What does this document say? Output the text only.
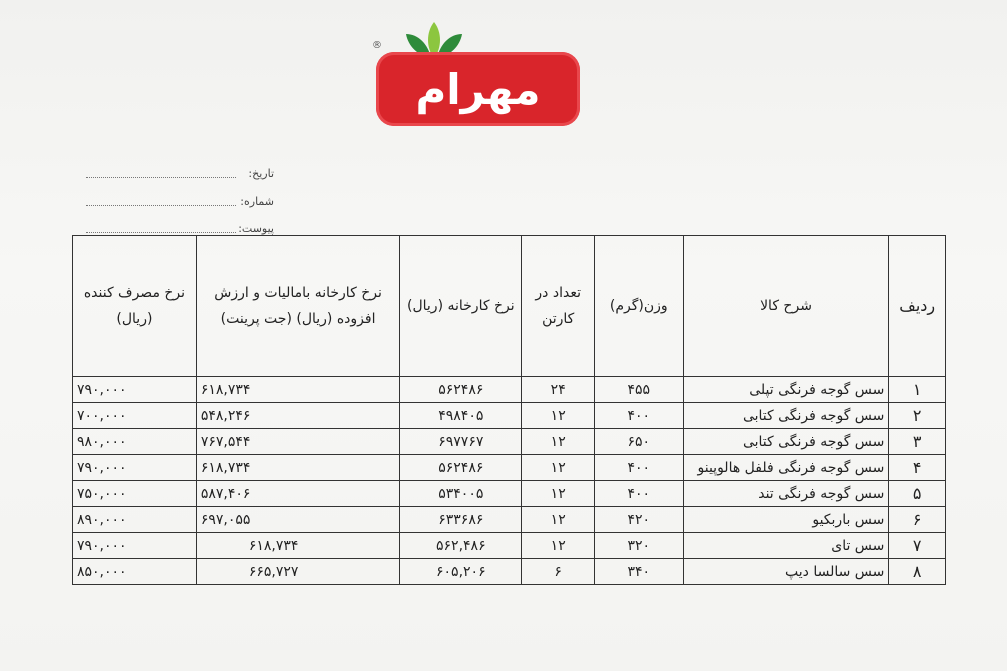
®
مهرام
تاریخ:
شماره:
پیوست:
ردیف	شرح کالا	وزن(گرم)	تعداد در کارتن	نرخ کارخانه (ریال)	نرخ کارخانه بامالیات و ارزش افزوده (ریال) (جت پرینت)	نرخ مصرف کننده (ریال)
۱	سس گوجه فرنگی تپلی	۴۵۵	۲۴	۵۶۲۴۸۶	۶۱۸,۷۳۴	۷۹۰,۰۰۰
۲	سس گوجه فرنگی کتابی	۴۰۰	۱۲	۴۹۸۴۰۵	۵۴۸,۲۴۶	۷۰۰,۰۰۰
۳	سس گوجه فرنگی کتابی	۶۵۰	۱۲	۶۹۷۷۶۷	۷۶۷,۵۴۴	۹۸۰,۰۰۰
۴	سس گوجه فرنگی فلفل هالوپینو	۴۰۰	۱۲	۵۶۲۴۸۶	۶۱۸,۷۳۴	۷۹۰,۰۰۰
۵	سس گوجه فرنگی تند	۴۰۰	۱۲	۵۳۴۰۰۵	۵۸۷,۴۰۶	۷۵۰,۰۰۰
۶	سس باربکیو	۴۲۰	۱۲	۶۳۳۶۸۶	۶۹۷,۰۵۵	۸۹۰,۰۰۰
۷	سس تای	۳۲۰	۱۲	۵۶۲,۴۸۶	۶۱۸,۷۳۴	۷۹۰,۰۰۰
۸	سس سالسا دیپ	۳۴۰	۶	۶۰۵,۲۰۶	۶۶۵,۷۲۷	۸۵۰,۰۰۰
